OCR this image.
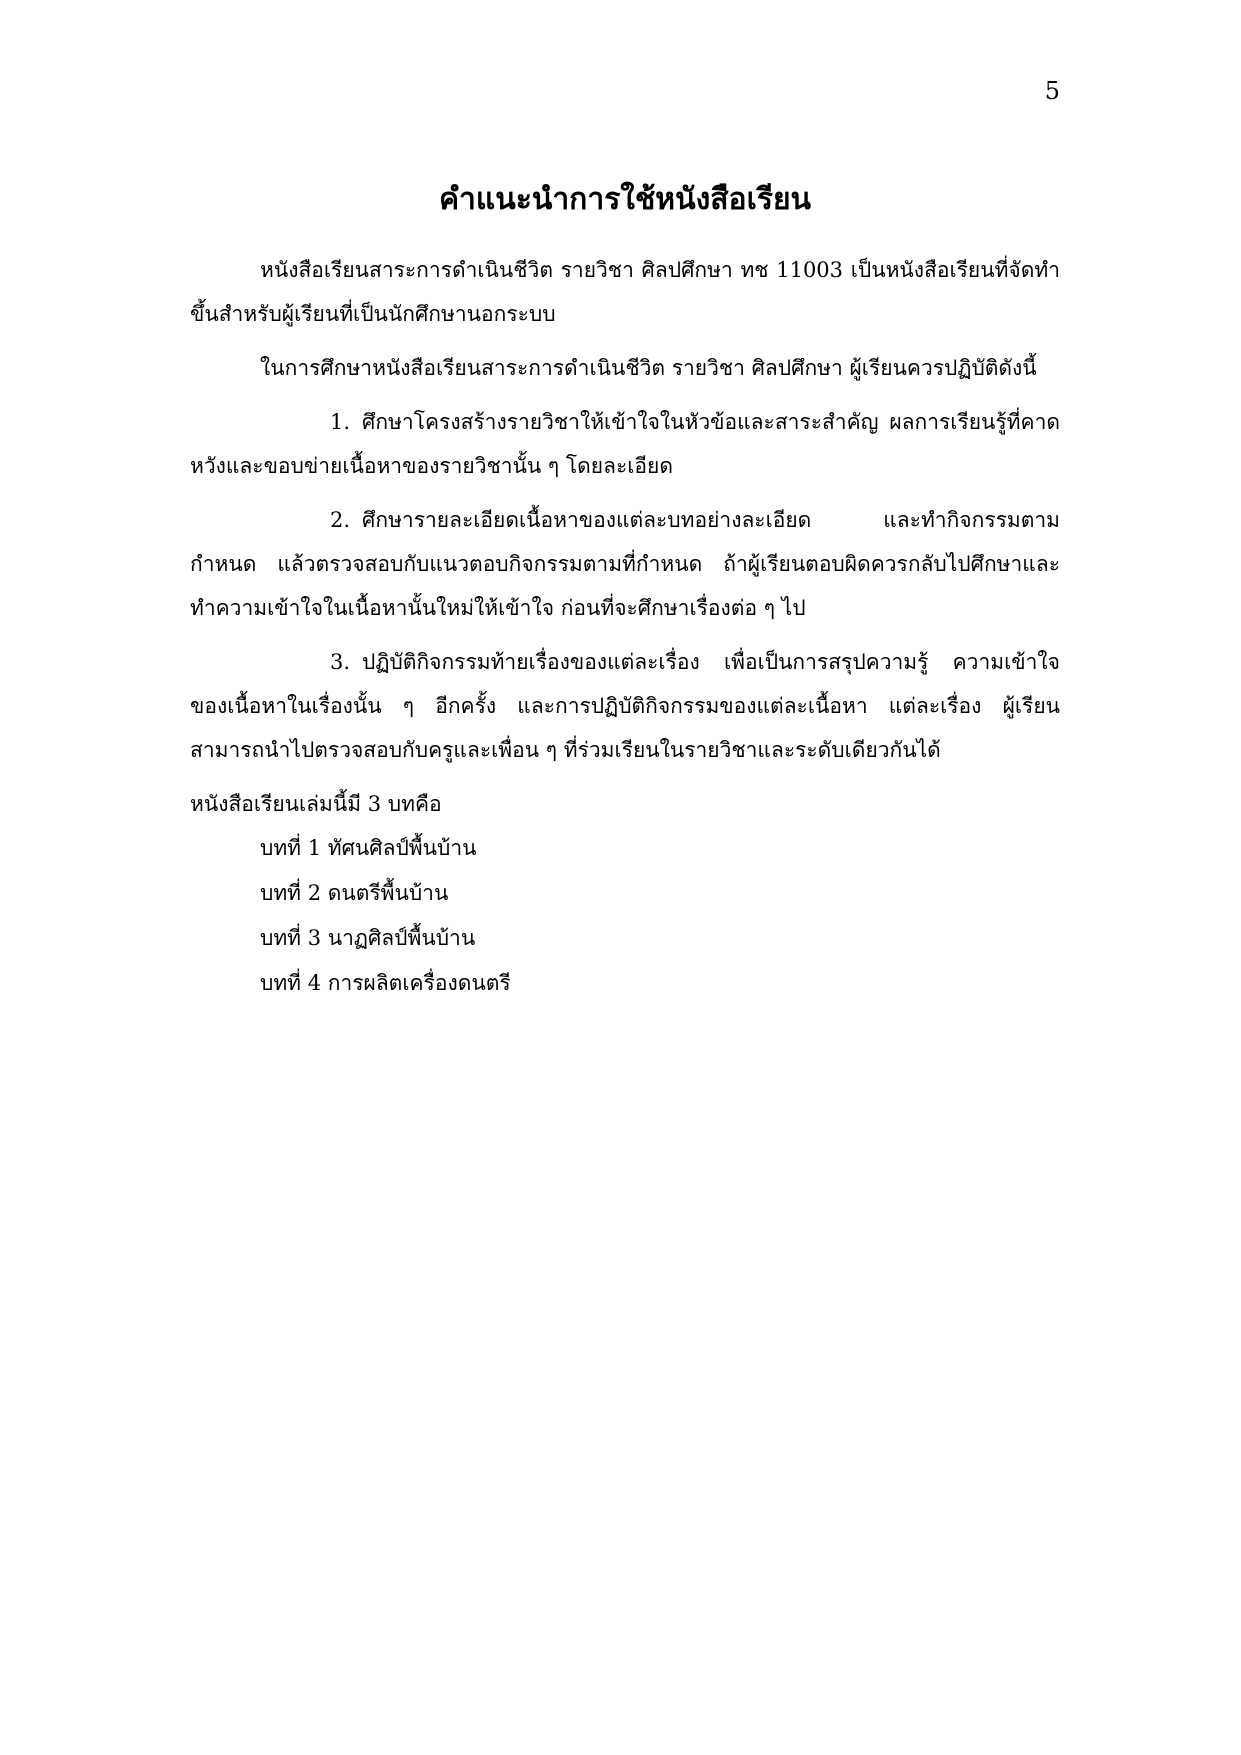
5
คำแนะนำการใช้หนังสือเรียน

หนังสือเรียนสาระการดำเนินชีวิต รายวิชา ศิลปศึกษา ทช 11003 เป็นหนังสือเรียนที่จัดทำขึ้นสำหรับผู้เรียนที่เป็นนักศึกษานอกระบบ

ในการศึกษาหนังสือเรียนสาระการดำเนินชีวิต รายวิชา ศิลปศึกษา ผู้เรียนควรปฏิบัติดังนี้

1. ศึกษาโครงสร้างรายวิชาให้เข้าใจในหัวข้อและสาระสำคัญ ผลการเรียนรู้ที่คาดหวังและขอบข่ายเนื้อหาของรายวิชานั้น ๆ โดยละเอียด

2. ศึกษารายละเอียดเนื้อหาของแต่ละบทอย่างละเอียด และทำกิจกรรมตามกำหนด แล้วตรวจสอบกับแนวตอบกิจกรรมตามที่กำหนด ถ้าผู้เรียนตอบผิดควรกลับไปศึกษาและทำความเข้าใจในเนื้อหานั้นใหม่ให้เข้าใจ ก่อนที่จะศึกษาเรื่องต่อ ๆ ไป

3. ปฏิบัติกิจกรรมท้ายเรื่องของแต่ละเรื่อง เพื่อเป็นการสรุปความรู้ ความเข้าใจของเนื้อหาในเรื่องนั้น ๆ อีกครั้ง และการปฏิบัติกิจกรรมของแต่ละเนื้อหา แต่ละเรื่อง ผู้เรียนสามารถนำไปตรวจสอบกับครูและเพื่อน ๆ ที่ร่วมเรียนในรายวิชาและระดับเดียวกันได้

หนังสือเรียนเล่มนี้มี 3 บทคือ

บทที่ 1 ทัศนศิลป์พื้นบ้าน
บทที่ 2 ดนตรีพื้นบ้าน
บทที่ 3 นาฏศิลป์พื้นบ้าน
บทที่ 4 การผลิตเครื่องดนตรี
